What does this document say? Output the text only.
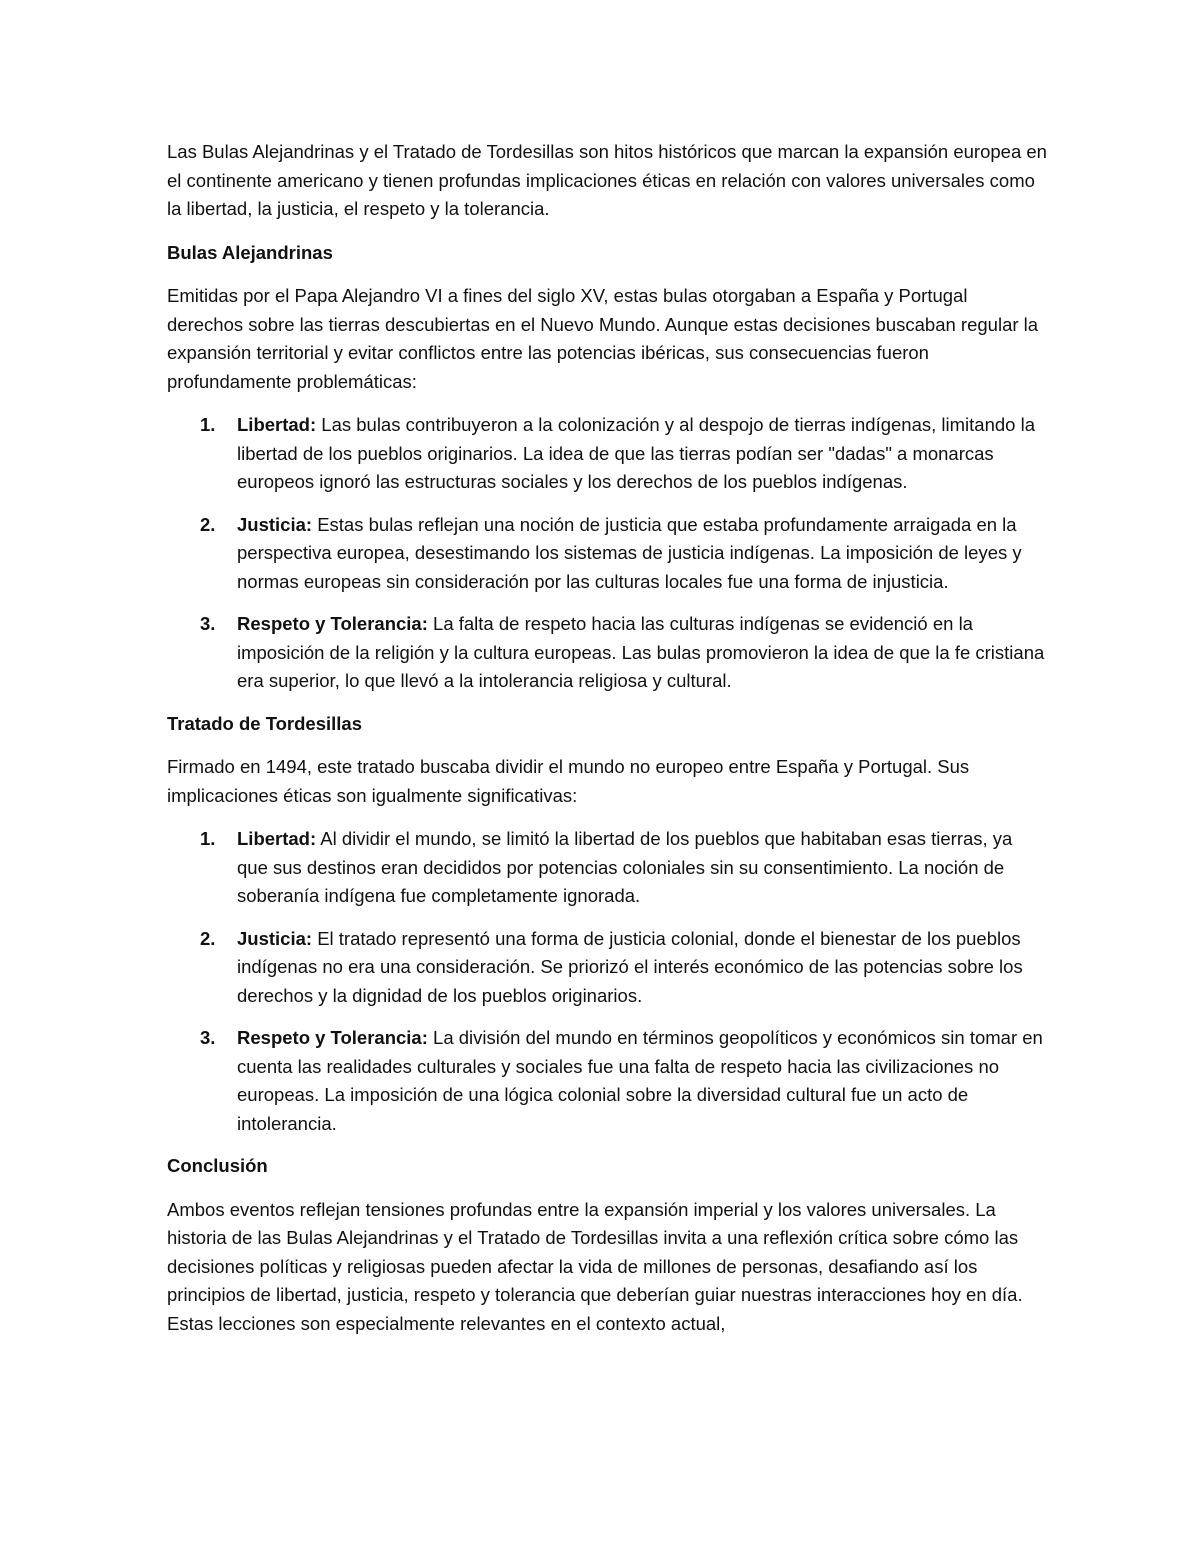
Las Bulas Alejandrinas y el Tratado de Tordesillas son hitos históricos que marcan la expansión europea en el continente americano y tienen profundas implicaciones éticas en relación con valores universales como la libertad, la justicia, el respeto y la tolerancia.

Bulas Alejandrinas

Emitidas por el Papa Alejandro VI a fines del siglo XV, estas bulas otorgaban a España y Portugal derechos sobre las tierras descubiertas en el Nuevo Mundo. Aunque estas decisiones buscaban regular la expansión territorial y evitar conflictos entre las potencias ibéricas, sus consecuencias fueron profundamente problemáticas:

1. Libertad: Las bulas contribuyeron a la colonización y al despojo de tierras indígenas, limitando la libertad de los pueblos originarios. La idea de que las tierras podían ser "dadas" a monarcas europeos ignoró las estructuras sociales y los derechos de los pueblos indígenas.
2. Justicia: Estas bulas reflejan una noción de justicia que estaba profundamente arraigada en la perspectiva europea, desestimando los sistemas de justicia indígenas. La imposición de leyes y normas europeas sin consideración por las culturas locales fue una forma de injusticia.
3. Respeto y Tolerancia: La falta de respeto hacia las culturas indígenas se evidenció en la imposición de la religión y la cultura europeas. Las bulas promovieron la idea de que la fe cristiana era superior, lo que llevó a la intolerancia religiosa y cultural.
Tratado de Tordesillas

Firmado en 1494, este tratado buscaba dividir el mundo no europeo entre España y Portugal. Sus implicaciones éticas son igualmente significativas:

1. Libertad: Al dividir el mundo, se limitó la libertad de los pueblos que habitaban esas tierras, ya que sus destinos eran decididos por potencias coloniales sin su consentimiento. La noción de soberanía indígena fue completamente ignorada.
2. Justicia: El tratado representó una forma de justicia colonial, donde el bienestar de los pueblos indígenas no era una consideración. Se priorizó el interés económico de las potencias sobre los derechos y la dignidad de los pueblos originarios.
3. Respeto y Tolerancia: La división del mundo en términos geopolíticos y económicos sin tomar en cuenta las realidades culturales y sociales fue una falta de respeto hacia las civilizaciones no europeas. La imposición de una lógica colonial sobre la diversidad cultural fue un acto de intolerancia.
Conclusión

Ambos eventos reflejan tensiones profundas entre la expansión imperial y los valores universales. La historia de las Bulas Alejandrinas y el Tratado de Tordesillas invita a una reflexión crítica sobre cómo las decisiones políticas y religiosas pueden afectar la vida de millones de personas, desafiando así los principios de libertad, justicia, respeto y tolerancia que deberían guiar nuestras interacciones hoy en día. Estas lecciones son especialmente relevantes en el contexto actual,
